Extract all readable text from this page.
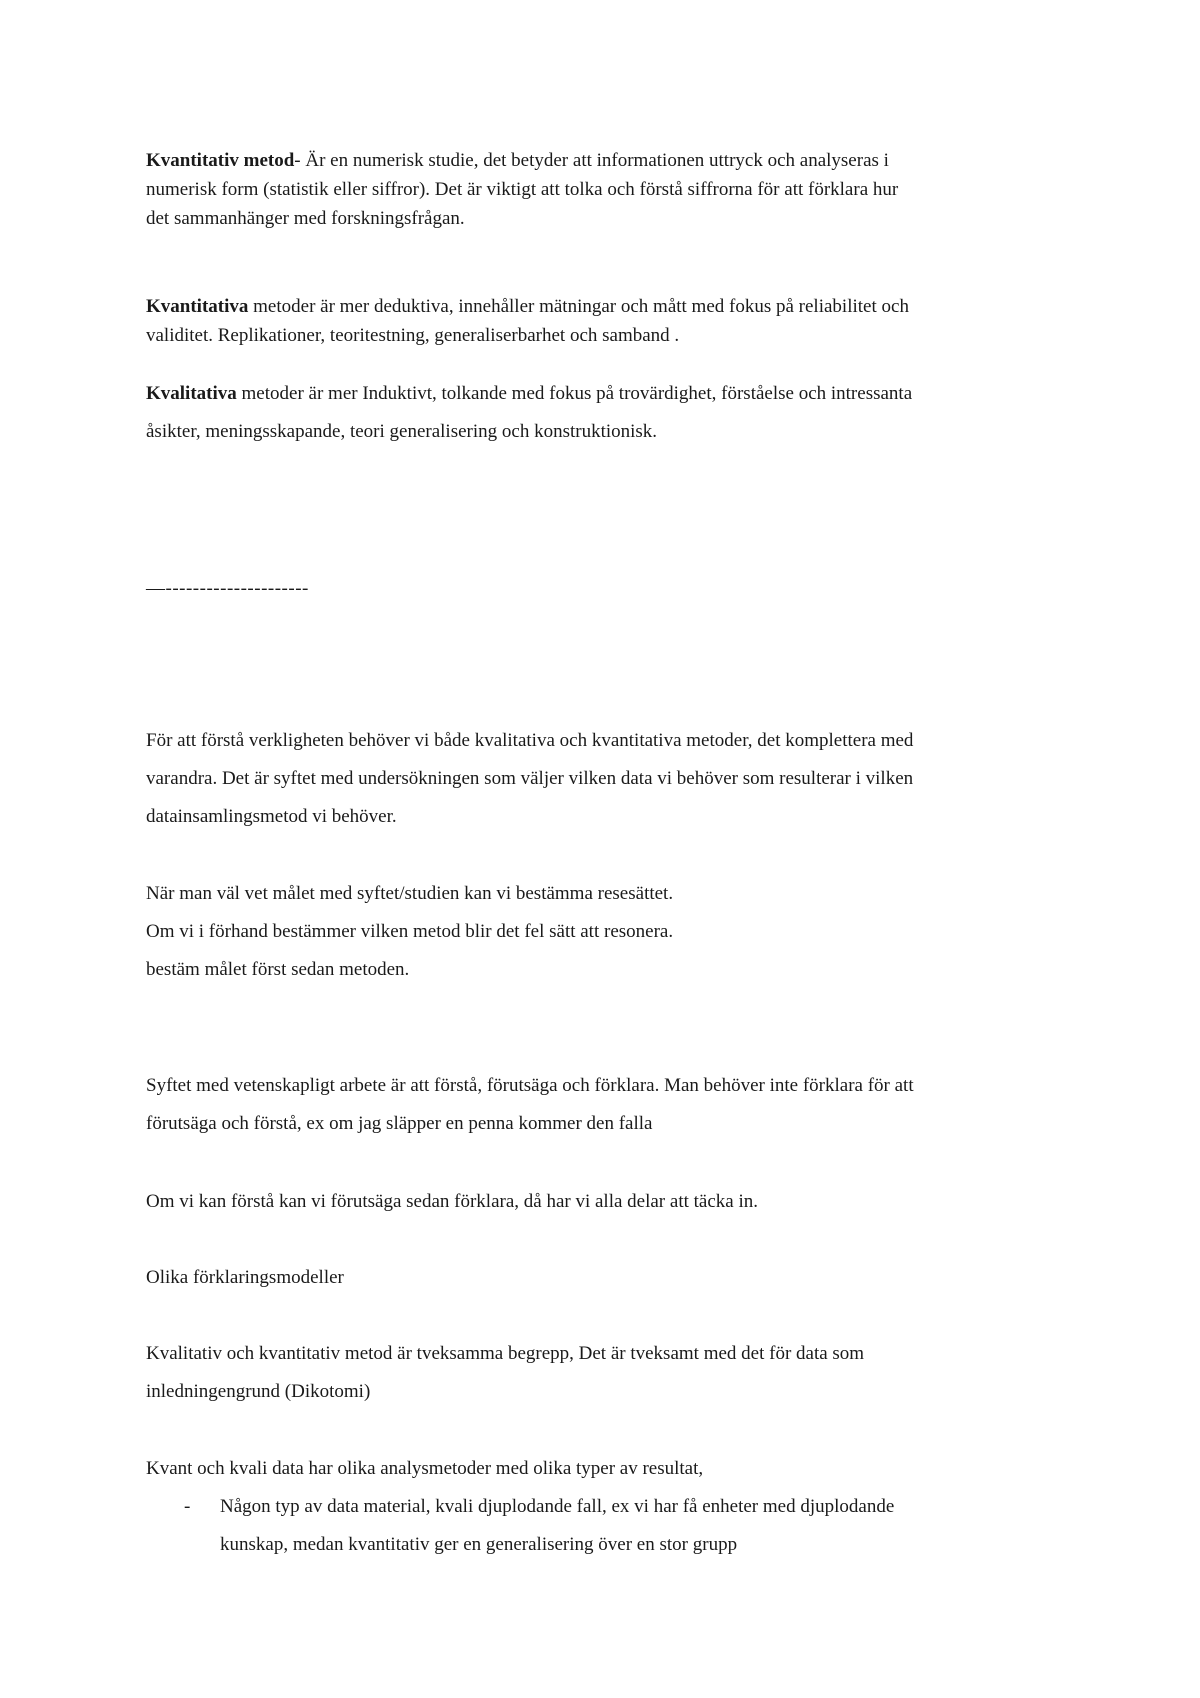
Kvantitativ metod- Är en numerisk studie, det betyder att informationen uttryck och analyseras i
numerisk form (statistik eller siffror). Det är viktigt att tolka och förstå siffrorna för att förklara hur
det sammanhänger med forskningsfrågan.

Kvantitativa metoder är mer deduktiva, innehåller mätningar och mått med fokus på reliabilitet och
validitet. Replikationer, teoritestning, generaliserbarhet och samband .

Kvalitativa metoder är mer Induktivt, tolkande med fokus på trovärdighet, förståelse och intressanta
åsikter, meningsskapande, teori generalisering och konstruktionisk.

—---------------------

För att förstå verkligheten behöver vi både kvalitativa och kvantitativa metoder, det komplettera med
varandra. Det är syftet med undersökningen som väljer vilken data vi behöver som resulterar i vilken
datainsamlingsmetod vi behöver.

När man väl vet målet med syftet/studien kan vi bestämma resesättet.
Om vi i förhand bestämmer vilken metod blir det fel sätt att resonera.
bestäm målet först sedan metoden.

Syftet med vetenskapligt arbete är att förstå, förutsäga och förklara. Man behöver inte förklara för att
förutsäga och förstå, ex om jag släpper en penna kommer den falla

Om vi kan förstå kan vi förutsäga sedan förklara, då har vi alla delar att täcka in.

Olika förklaringsmodeller

Kvalitativ och kvantitativ metod är tveksamma begrepp, Det är tveksamt med det för data som
inledningengrund (Dikotomi)

Kvant och kvali data har olika analysmetoder med olika typer av resultat,

- Någon typ av data material, kvali djuplodande fall, ex vi har få enheter med djuplodande
kunskap, medan kvantitativ ger en generalisering över en stor grupp
